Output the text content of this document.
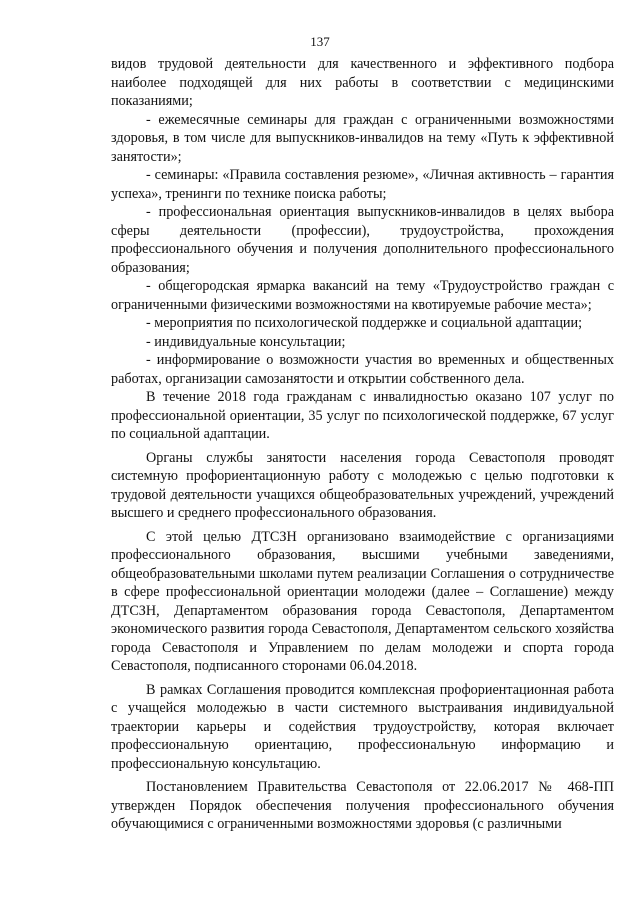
137

видов трудовой деятельности для качественного и эффективного подбора наиболее подходящей для них работы в соответствии с медицинскими показаниями;

- ежемесячные семинары для граждан с ограниченными возможностями здоровья, в том числе для выпускников-инвалидов на тему «Путь к эффективной занятости»;

- семинары: «Правила составления резюме», «Личная активность – гарантия успеха», тренинги по технике поиска работы;

- профессиональная ориентация выпускников-инвалидов в целях выбора сферы деятельности (профессии), трудоустройства, прохождения профессионального обучения и получения дополнительного профессионального образования;

- общегородская ярмарка вакансий на тему «Трудоустройство граждан с ограниченными физическими возможностями на квотируемые рабочие места»;

- мероприятия по психологической поддержке и социальной адаптации;

- индивидуальные консультации;

- информирование о возможности участия во временных и общественных работах, организации самозанятости и открытии собственного дела.

В течение 2018 года гражданам с инвалидностью оказано 107 услуг по профессиональной ориентации, 35 услуг по психологической поддержке, 67 услуг по социальной адаптации.

Органы службы занятости населения города Севастополя проводят системную профориентационную работу с молодежью с целью подготовки к трудовой деятельности учащихся общеобразовательных учреждений, учреждений высшего и среднего профессионального образования.

С этой целью ДТСЗН организовано взаимодействие с организациями профессионального образования, высшими учебными заведениями, общеобразовательными школами путем реализации Соглашения о сотрудничестве в сфере профессиональной ориентации молодежи (далее – Соглашение) между ДТСЗН, Департаментом образования города Севастополя, Департаментом экономического развития города Севастополя, Департаментом сельского хозяйства города Севастополя и Управлением по делам молодежи и спорта города Севастополя, подписанного сторонами 06.04.2018.

В рамках Соглашения проводится комплексная профориентационная работа с учащейся молодежью в части системного выстраивания индивидуальной траектории карьеры и содействия трудоустройству, которая включает профессиональную ориентацию, профессиональную информацию и профессиональную консультацию.

Постановлением Правительства Севастополя от 22.06.2017 № 468-ПП утвержден Порядок обеспечения получения профессионального обучения обучающимися с ограниченными возможностями здоровья (с различными
